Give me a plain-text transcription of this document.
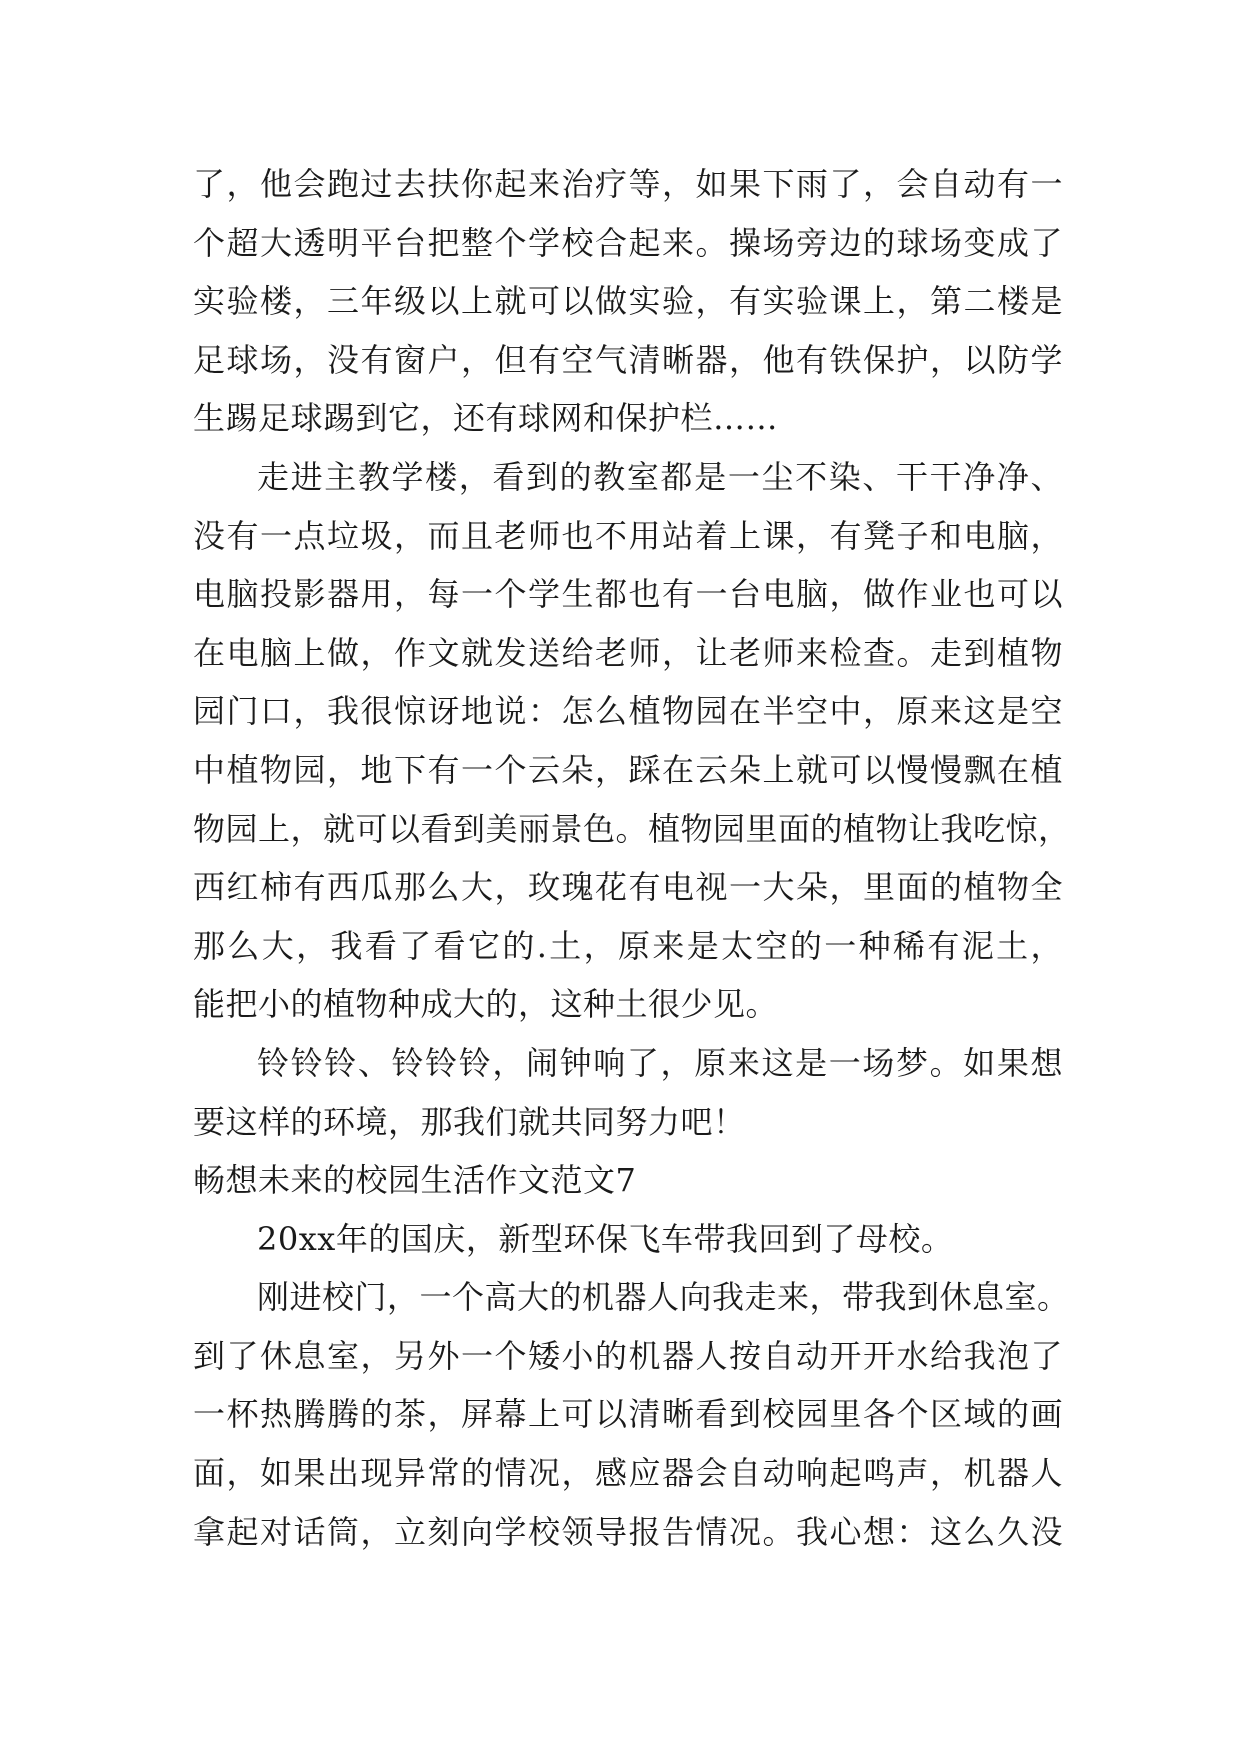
了，他会跑过去扶你起来治疗等，如果下雨了，会自动有一
个超大透明平台把整个学校合起来。操场旁边的球场变成了
实验楼，三年级以上就可以做实验，有实验课上，第二楼是
足球场，没有窗户，但有空气清晰器，他有铁保护，以防学
生踢足球踢到它，还有球网和保护栏……
走进主教学楼，看到的教室都是一尘不染、干干净净、
没有一点垃圾，而且老师也不用站着上课，有凳子和电脑，
电脑投影器用，每一个学生都也有一台电脑，做作业也可以
在电脑上做，作文就发送给老师，让老师来检查。走到植物
园门口，我很惊讶地说：怎么植物园在半空中，原来这是空
中植物园，地下有一个云朵，踩在云朵上就可以慢慢飘在植
物园上，就可以看到美丽景色。植物园里面的植物让我吃惊，
西红柿有西瓜那么大，玫瑰花有电视一大朵，里面的植物全
那么大，我看了看它的.土，原来是太空的一种稀有泥土，
能把小的植物种成大的，这种土很少见。
铃铃铃、铃铃铃，闹钟响了，原来这是一场梦。如果想
要这样的环境，那我们就共同努力吧！
畅想未来的校园生活作文范文7
20xx年的国庆，新型环保飞车带我回到了母校。
刚进校门，一个高大的机器人向我走来，带我到休息室。
到了休息室，另外一个矮小的机器人按自动开开水给我泡了
一杯热腾腾的茶，屏幕上可以清晰看到校园里各个区域的画
面，如果出现异常的情况，感应器会自动响起鸣声，机器人
拿起对话筒，立刻向学校领导报告情况。我心想：这么久没
